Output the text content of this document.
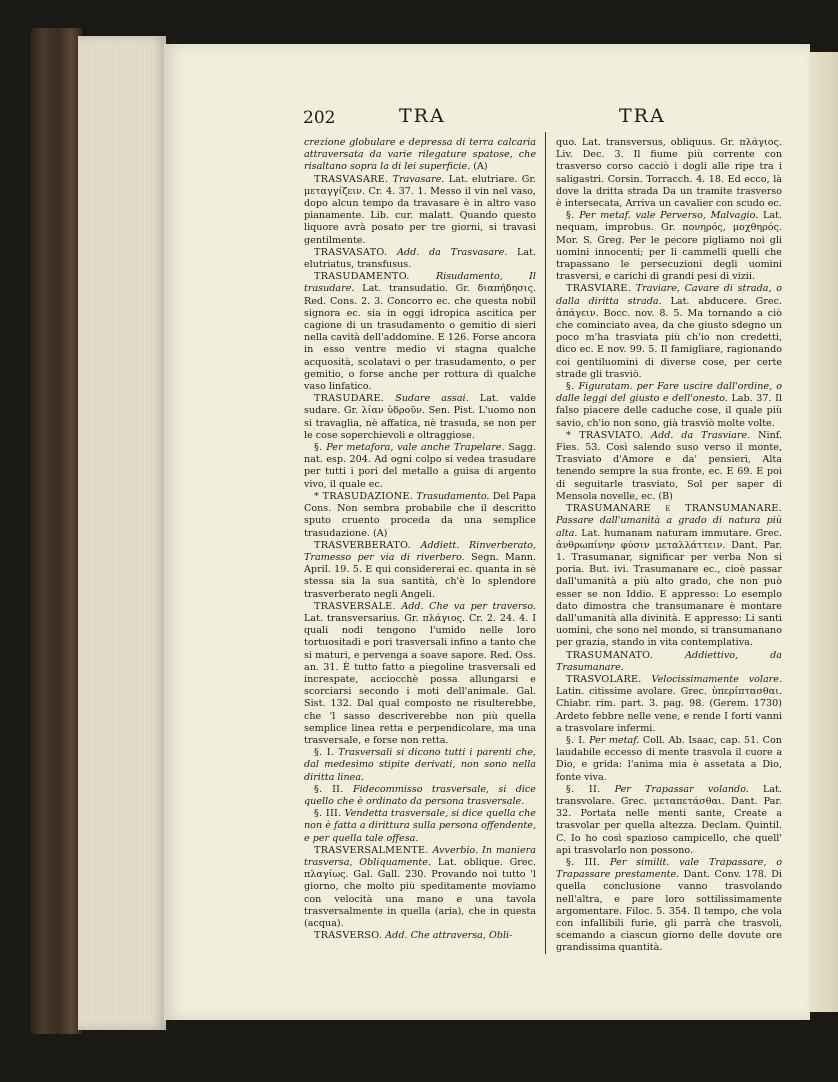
202	TRA	TRA

crezione globulare e depressa di terra calcaria attraversata da varie rilegature spatose, che risaltano sopra la di lei superficie. (A)

TRASVASARE. Travasare. Lat. elutriare. Gr. μεταγγίζειν. Cr. 4. 37. 1. Messo il vin nel vaso, dopo alcun tempo da travasare è in altro vaso pianamente. Lib. cur. malatt. Quando questo liquore avrà posato per tre giorni, si travasi gentilmente.

TRASVASATO. Add. da Trasvasare. Lat. elutriatus, transfusus.

TRASUDAMENTO. Risudamento, Il trasudare. Lat. transudatio. Gr. διαπήδησις. Red. Cons. 2. 3. Concorro ec. che questa nobil signora ec. sia in oggi idropica ascitica per cagione di un trasudamento o gemitio di sieri nella cavità dell'addomine. E 126. Forse ancora in esso ventre medio vi stagna qualche acquosità, scolatavi o per trasudamento, o per gemitio, o forse anche per rottura di qualche vaso linfatico.

TRASUDARE. Sudare assai. Lat. valde sudare. Gr. λίαν ὑδροῦν. Sen. Pist. L'uomo non si travaglia, nè affatica, nè trasuda, se non per le cose soperchievoli e oltraggiose.

§. Per metafora, vale anche Trapelare. Sagg. nat. esp. 204. Ad ogni colpo si vedea trasudare per tutti i pori del metallo a guisa di argento vivo, il quale ec.

* TRASUDAZIONE. Trasudamento. Del Papa Cons. Non sembra probabile che il descritto sputo cruento proceda da una semplice trasudazione. (A)

TRASVERBERATO. Addiett. Rinverberato, Tramesso per via di riverbero. Segn. Mann. April. 19. 5. E qui considererai ec. quanta in sè stessa sia la sua santità, ch'è lo splendore trasverberato negli Angeli.

TRASVERSALE. Add. Che va per traverso. Lat. transversarius. Gr. πλάγιος. Cr. 2. 24. 4. I quali nodi tengono l'umido nelle loro tortuositadi e pori trasversali infino a tanto che si maturi, e pervenga a soave sapore. Red. Oss. an. 31. È tutto fatto a piegoline trasversali ed increspate, acciocchè possa allungarsi e scorciarsi secondo i moti dell'animale. Gal. Sist. 132. Dal qual composto ne risulterebbe, che 'l sasso descriverebbe non più quella semplice linea retta e perpendicolare, ma una trasversale, e forse non retta.

§. I. Trasversali si dicono tutti i parenti che, dal medesimo stipite derivati, non sono nella diritta linea.

§. II. Fidecommisso trasversale, si dice quello che è ordinato da persona trasversale.

§. III. Vendetta trasversale, si dice quella che non è fatta a dirittura sulla persona offendente, e per quella tale offesa.

TRASVERSALMENTE. Avverbio. In maniera trasversa, Obliquamente. Lat. oblique. Grec. πλαγίως. Gal. Gall. 230. Provando noi tutto 'l giorno, che molto più speditamente moviamo con velocità una mano e una tavola trasversalmente in quella (aria), che in questa (acqua).

TRASVERSO. Add. Che attraversa, Obli-

quo. Lat. transversus, obliquus. Gr. πλάγιος. Liv. Dec. 3. Il fiume più corrente con trasverso corso cacciò i dogli alle ripe tra i saligastri. Corsin. Torracch. 4. 18. Ed ecco, là dove la dritta strada Da un tramite trasverso è intersecata, Arriva un cavalier con scudo ec.

§. Per metaf. vale Perverso, Malvagio. Lat. nequam, improbus. Gr. πονηρός, μοχθηρός. Mor. S. Greg. Per le pecore pigliamo noi gli uomini innocenti; per li cammelli quelli che trapassano le persecuzioni degli uomini trasversi, e carichi di grandi pesi di vizii.

TRASVIARE. Traviare, Cavare di strada, o dalla diritta strada. Lat. abducere. Grec. ἀπάγειν. Bocc. nov. 8. 5. Ma tornando a ciò che cominciato avea, da che giusto sdegno un poco m'ha trasviata più ch'io non credetti, dico ec. E nov. 99. 5. Il famigliare, ragionando coi gentiluomini di diverse cose, per certe strade gli trasviò.

§. Figuratam. per Fare uscire dall'ordine, o dalle leggi del giusto e dell'onesto. Lab. 37. Il falso piacere delle caduche cose, il quale più savio, ch'io non sono, già trasviò molte volte.

* TRASVIATO. Add. da Trasviare. Ninf. Fies. 53. Così salendo suso verso il monte, Trasviato d'Amore e da' pensieri, Alta tenendo sempre la sua fronte, ec. E 69. E poi di seguitarle trasviato, Sol per saper di Mensola novelle, ec. (B)

TRASUMANARE e TRANSUMANARE. Passare dall'umanità a grado di natura più alta. Lat. humanam naturam immutare. Grec. ἀνθρωπίνην φύσιν μεταλλάττειν. Dant. Par. 1. Trasumanar, significar per verba Non si poria. But. ivi. Trasumanare ec., cioè passar dall'umanità a più alto grado, che non può esser se non Iddio. E appresso: Lo esemplo dato dimostra che transumanare è montare dall'umanità alla divinità. E appresso: Li santi uomini, che sono nel mondo, si transumanano per grazia, stando in vita contemplativa.

TRASUMANATO. Addiettivo, da Trasumanare.

TRASVOLARE. Velocissimamente volare. Latin. citissime avolare. Grec. ὑπερίπτασθαι. Chiabr. rim. part. 3. pag. 98. (Gerem. 1730) Ardeto febbre nelle vene, e rende I forti vanni a trasvolare infermi.

§. I. Per metaf. Coll. Ab. Isaac, cap. 51. Con laudabile eccesso di mente trasvola il cuore a Dio, e grida: l'anima mia è assetata a Dio, fonte viva.

§. II. Per Trapassar volando. Lat. transvolare. Grec. μεταπετάσθαι. Dant. Par. 32. Portata nelle menti sante, Create a trasvolar per quella altezza. Declam. Quintil. C. Io ho così spazioso campicello, che quell' api trasvolarlo non possono.

§. III. Per similit. vale Trapassare, o Trapassare prestamente. Dant. Conv. 178. Di quella conclusione vanno trasvolando nell'altra, e pare loro sottilissimamente argomentare. Filoc. 5. 354. Il tempo, che vola con infallibili furie, gli parrà che trasvoli, scemando a ciascun giorno delle dovute ore grandissima quantità.
